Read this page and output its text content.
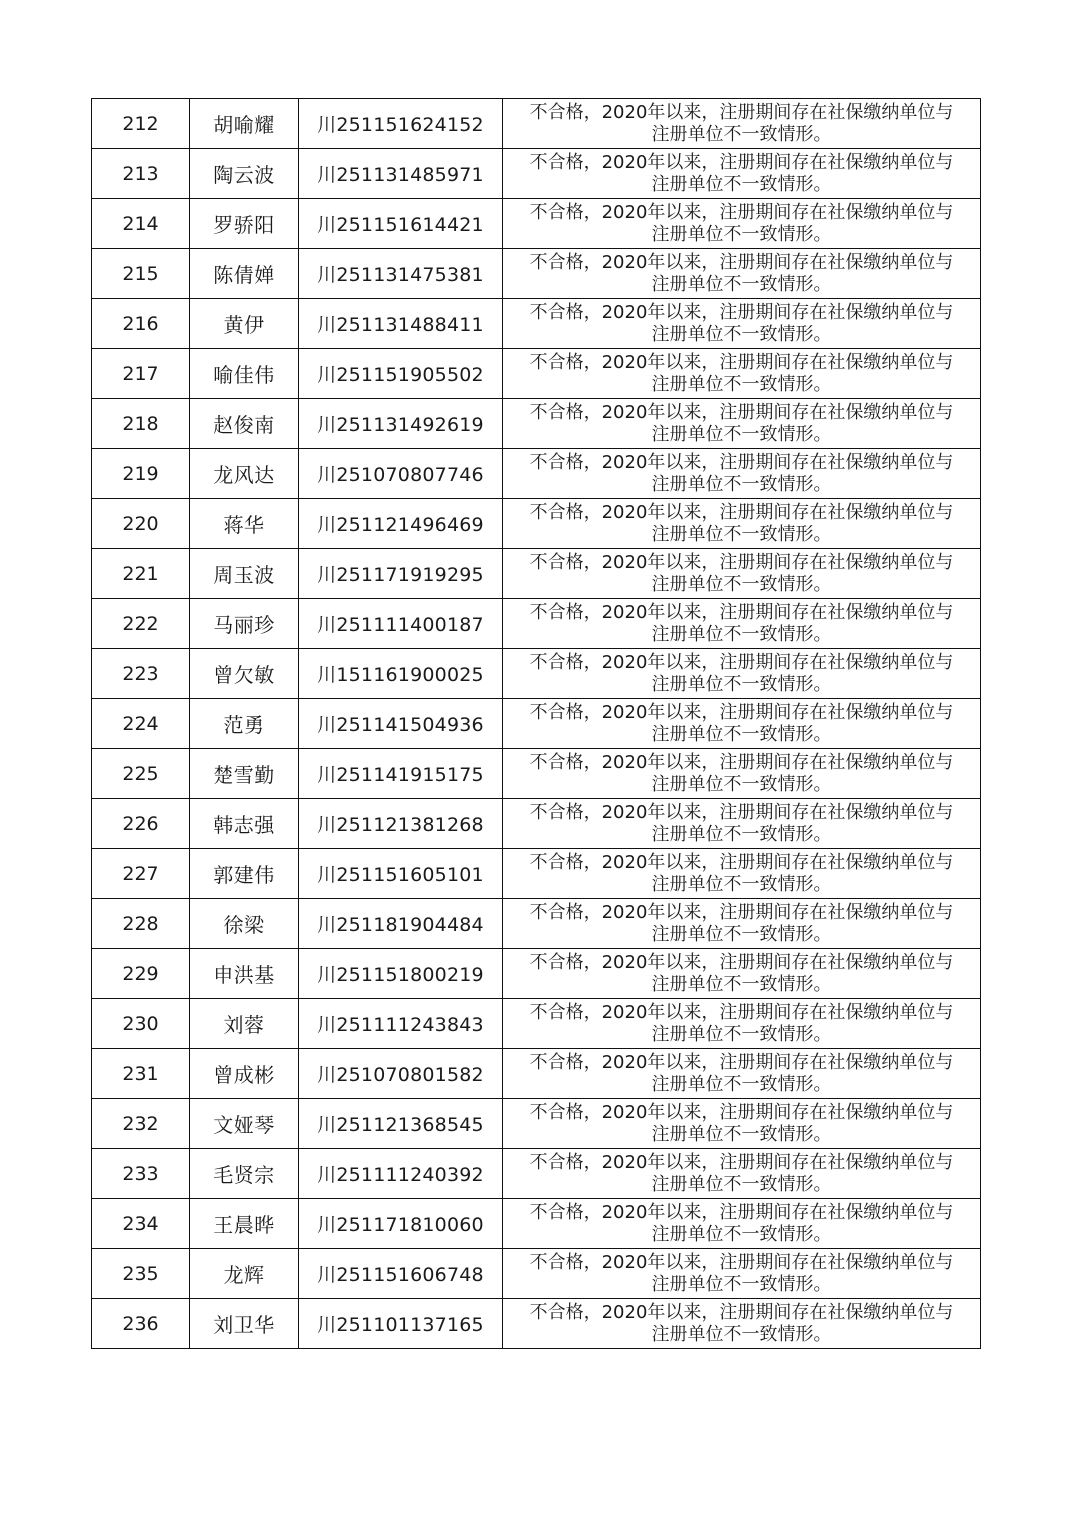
212	胡喻耀	川251151624152	不合格，2020年以来，注册期间存在社保缴纳单位与
注册单位不一致情形。

213	陶云波	川251131485971	不合格，2020年以来，注册期间存在社保缴纳单位与
注册单位不一致情形。

214	罗骄阳	川251151614421	不合格，2020年以来，注册期间存在社保缴纳单位与
注册单位不一致情形。

215	陈倩婵	川251131475381	不合格，2020年以来，注册期间存在社保缴纳单位与
注册单位不一致情形。

216	黄伊	川251131488411	不合格，2020年以来，注册期间存在社保缴纳单位与
注册单位不一致情形。

217	喻佳伟	川251151905502	不合格，2020年以来，注册期间存在社保缴纳单位与
注册单位不一致情形。

218	赵俊南	川251131492619	不合格，2020年以来，注册期间存在社保缴纳单位与
注册单位不一致情形。

219	龙风达	川251070807746	不合格，2020年以来，注册期间存在社保缴纳单位与
注册单位不一致情形。

220	蒋华	川251121496469	不合格，2020年以来，注册期间存在社保缴纳单位与
注册单位不一致情形。

221	周玉波	川251171919295	不合格，2020年以来，注册期间存在社保缴纳单位与
注册单位不一致情形。

222	马丽珍	川251111400187	不合格，2020年以来，注册期间存在社保缴纳单位与
注册单位不一致情形。

223	曾欠敏	川151161900025	不合格，2020年以来，注册期间存在社保缴纳单位与
注册单位不一致情形。

224	范勇	川251141504936	不合格，2020年以来，注册期间存在社保缴纳单位与
注册单位不一致情形。

225	楚雪勤	川251141915175	不合格，2020年以来，注册期间存在社保缴纳单位与
注册单位不一致情形。

226	韩志强	川251121381268	不合格，2020年以来，注册期间存在社保缴纳单位与
注册单位不一致情形。

227	郭建伟	川251151605101	不合格，2020年以来，注册期间存在社保缴纳单位与
注册单位不一致情形。

228	徐梁	川251181904484	不合格，2020年以来，注册期间存在社保缴纳单位与
注册单位不一致情形。

229	申洪基	川251151800219	不合格，2020年以来，注册期间存在社保缴纳单位与
注册单位不一致情形。

230	刘蓉	川251111243843	不合格，2020年以来，注册期间存在社保缴纳单位与
注册单位不一致情形。

231	曾成彬	川251070801582	不合格，2020年以来，注册期间存在社保缴纳单位与
注册单位不一致情形。

232	文娅琴	川251121368545	不合格，2020年以来，注册期间存在社保缴纳单位与
注册单位不一致情形。

233	毛贤宗	川251111240392	不合格，2020年以来，注册期间存在社保缴纳单位与
注册单位不一致情形。

234	王晨晔	川251171810060	不合格，2020年以来，注册期间存在社保缴纳单位与
注册单位不一致情形。

235	龙辉	川251151606748	不合格，2020年以来，注册期间存在社保缴纳单位与
注册单位不一致情形。

236	刘卫华	川251101137165	不合格，2020年以来，注册期间存在社保缴纳单位与
注册单位不一致情形。
